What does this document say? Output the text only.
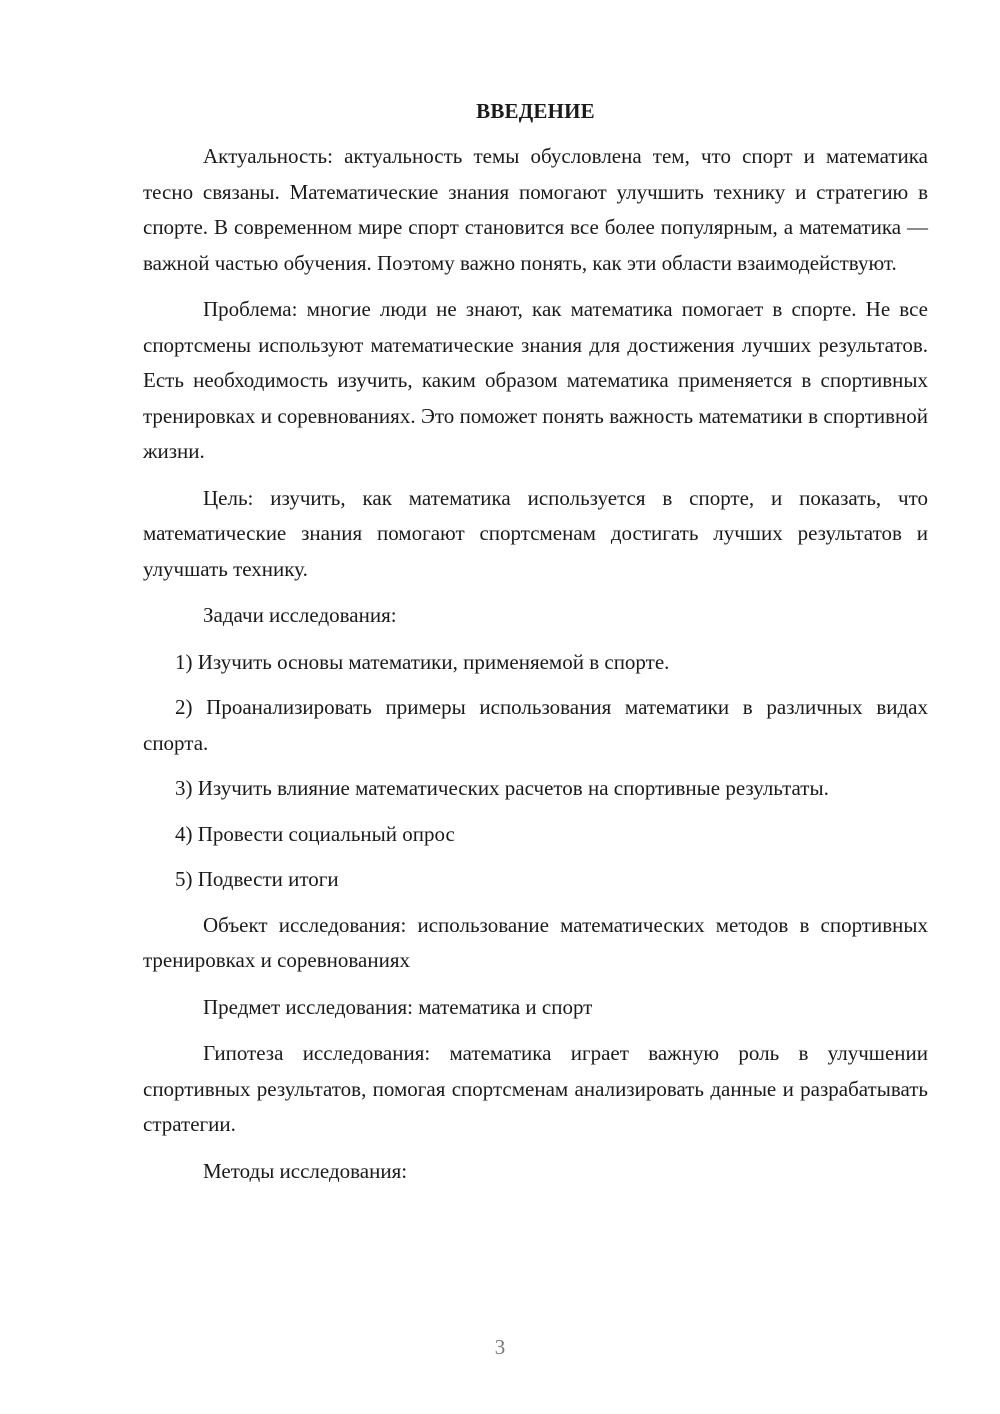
ВВЕДЕНИЕ

Актуальность: актуальность темы обусловлена тем, что спорт и математика тесно связаны. Математические знания помогают улучшить технику и стратегию в спорте. В современном мире спорт становится все более популярным, а математика — важной частью обучения. Поэтому важно понять, как эти области взаимодействуют.

Проблема: многие люди не знают, как математика помогает в спорте. Не все спортсмены используют математические знания для достижения лучших результатов. Есть необходимость изучить, каким образом математика применяется в спортивных тренировках и соревнованиях. Это поможет понять важность математики в спортивной жизни.

Цель: изучить, как математика используется в спорте, и показать, что математические знания помогают спортсменам достигать лучших результатов и улучшать технику.

Задачи исследования:

1) Изучить основы математики, применяемой в спорте.

2) Проанализировать примеры использования математики в различных видах спорта.

3) Изучить влияние математических расчетов на спортивные результаты.

4) Провести социальный опрос

5) Подвести итоги

Объект исследования: использование математических методов в спортивных тренировках и соревнованиях

Предмет исследования: математика и спорт

Гипотеза исследования: математика играет важную роль в улучшении спортивных результатов, помогая спортсменам анализировать данные и разрабатывать стратегии.

Методы исследования:

3
